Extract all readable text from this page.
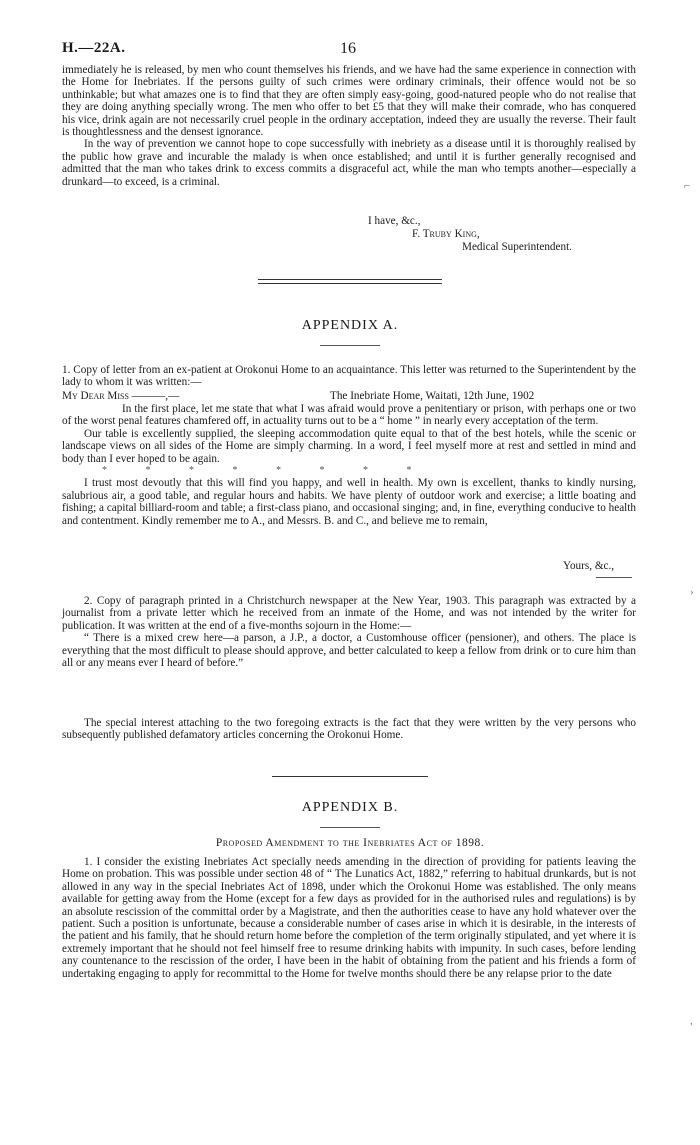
H.—22A.	16

immediately he is released, by men who count themselves his friends, and we have had the same experience in connection with the Home for Inebriates. If the persons guilty of such crimes were ordinary criminals, their offence would not be so unthinkable; but what amazes one is to find that they are often simply easy-going, good-natured people who do not realise that they are doing anything specially wrong. The men who offer to bet £5 that they will make their comrade, who has conquered his vice, drink again are not necessarily cruel people in the ordinary acceptation, indeed they are usually the reverse. Their fault is thoughtlessness and the densest ignorance.

In the way of prevention we cannot hope to cope successfully with inebriety as a disease until it is thoroughly realised by the public how grave and incurable the malady is when once established; and until it is further generally recognised and admitted that the man who takes drink to excess commits a disgraceful act, while the man who tempts another—especially a drunkard—to exceed, is a criminal.

I have, &c.,
F. Truby King,
Medical Superintendent.
APPENDIX A.

1. Copy of letter from an ex-patient at Orokonui Home to an acquaintance. This letter was returned to the Superintendent by the lady to whom it was written:—

My Dear Miss ———,—	The Inebriate Home, Waitati, 12th June, 1902

In the first place, let me state that what I was afraid would prove a penitentiary or prison, with perhaps one or two of the worst penal features chamfered off, in actuality turns out to be a “ home ” in nearly every acceptation of the term.

Our table is excellently supplied, the sleeping accommodation quite equal to that of the best hotels, while the scenic or landscape views on all sides of the Home are simply charming. In a word, I feel myself more at rest and settled in mind and body than I ever hoped to be again.

* * * * * * * *

I trust most devoutly that this will find you happy, and well in health. My own is excellent, thanks to kindly nursing, salubrious air, a good table, and regular hours and habits. We have plenty of outdoor work and exercise; a little boating and fishing; a capital billiard-room and table; a first-class piano, and occasional singing; and, in fine, everything conducive to health and contentment. Kindly remember me to A., and Messrs. B. and C., and believe me to remain,

Yours, &c.,

2. Copy of paragraph printed in a Christchurch newspaper at the New Year, 1903. This paragraph was extracted by a journalist from a private letter which he received from an inmate of the Home, and was not intended by the writer for publication. It was written at the end of a five-months sojourn in the Home:—

“ There is a mixed crew here—a parson, a J.P., a doctor, a Customhouse officer (pensioner), and others. The place is everything that the most difficult to please should approve, and better calculated to keep a fellow from drink or to cure him than all or any means ever I heard of before.”

The special interest attaching to the two foregoing extracts is the fact that they were written by the very persons who subsequently published defamatory articles concerning the Orokonui Home.

APPENDIX B.
Proposed Amendment to the Inebriates Act of 1898.

1. I consider the existing Inebriates Act specially needs amending in the direction of providing for patients leaving the Home on probation. This was possible under section 48 of “ The Lunatics Act, 1882,” referring to habitual drunkards, but is not allowed in any way in the special Inebriates Act of 1898, under which the Orokonui Home was established. The only means available for getting away from the Home (except for a few days as provided for in the authorised rules and regulations) is by an absolute rescission of the committal order by a Magistrate, and then the authorities cease to have any hold whatever over the patient. Such a position is unfortunate, because a considerable number of cases arise in which it is desirable, in the interests of the patient and his family, that he should return home before the completion of the term originally stipulated, and yet where it is extremely important that he should not feel himself free to resume drinking habits with impunity. In such cases, before lending any countenance to the rescission of the order, I have been in the habit of obtaining from the patient and his friends a form of undertaking engaging to apply for recommittal to the Home for twelve months should there be any relapse prior to the date

⌐
›
,
